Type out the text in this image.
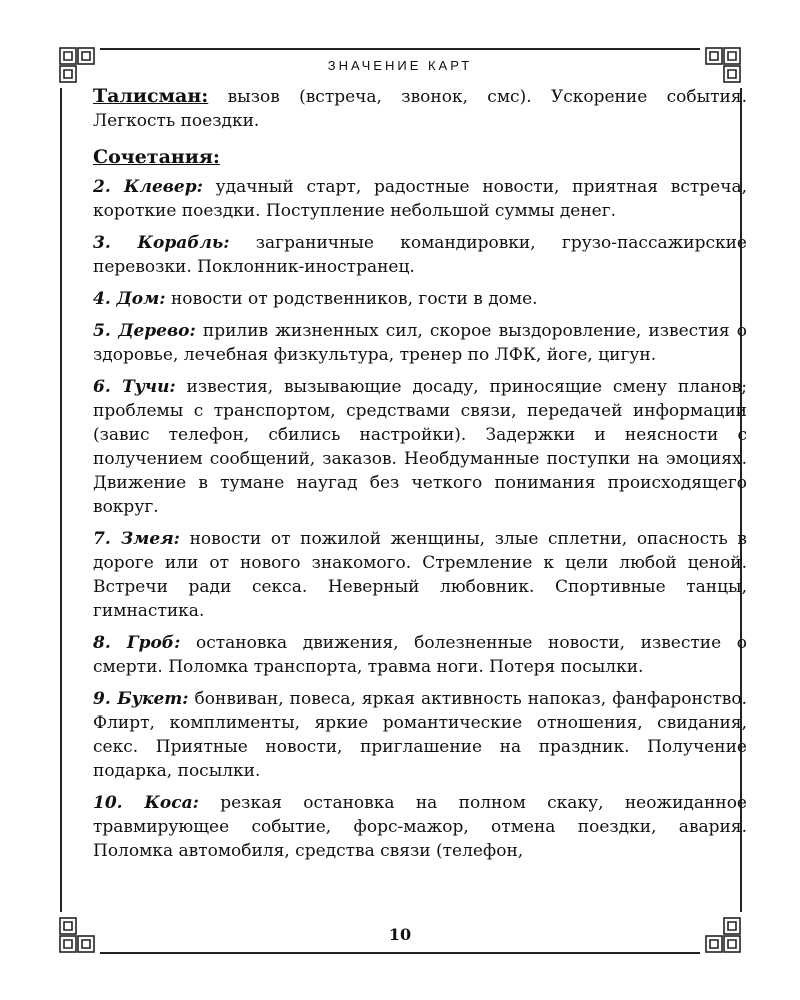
ЗНАЧЕНИЕ КАРТ

Талисман: вызов (встреча, звонок, смс). Ускорение события. Легкость поездки.

Сочетания:

2. Клевер: удачный старт, радостные новости, приятная встреча, короткие поездки. Поступление небольшой суммы денег.

3. Корабль: заграничные командировки, грузо-пассажирские перевозки. Поклонник-иностранец.

4. Дом: новости от родственников, гости в доме.

5. Дерево: прилив жизненных сил, скорое выздоровление, известия о здоровье, лечебная физкультура, тренер по ЛФК, йоге, цигун.

6. Тучи: известия, вызывающие досаду, приносящие смену планов; проблемы с транспортом, средствами связи, передачей информации (завис телефон, сбились настройки). Задержки и неясности с получением сообщений, заказов. Необдуманные поступки на эмоциях. Движение в тумане наугад без четкого понимания происходящего вокруг.

7. Змея: новости от пожилой женщины, злые сплетни, опасность в дороге или от нового знакомого. Стремление к цели любой ценой. Встречи ради секса. Неверный любовник. Спортивные танцы, гимнастика.

8. Гроб: остановка движения, болезненные новости, известие о смерти. Поломка транспорта, травма ноги. Потеря посылки.

9. Букет: бонвиван, повеса, яркая активность напоказ, фанфаронство. Флирт, комплименты, яркие романтические отношения, свидания, секс. Приятные новости, приглашение на праздник. Получение подарка, посылки.

10. Коса: резкая остановка на полном скаку, неожиданное травмирующее событие, форс-мажор, отмена поездки, авария. Поломка автомобиля, средства связи (телефон,

10
